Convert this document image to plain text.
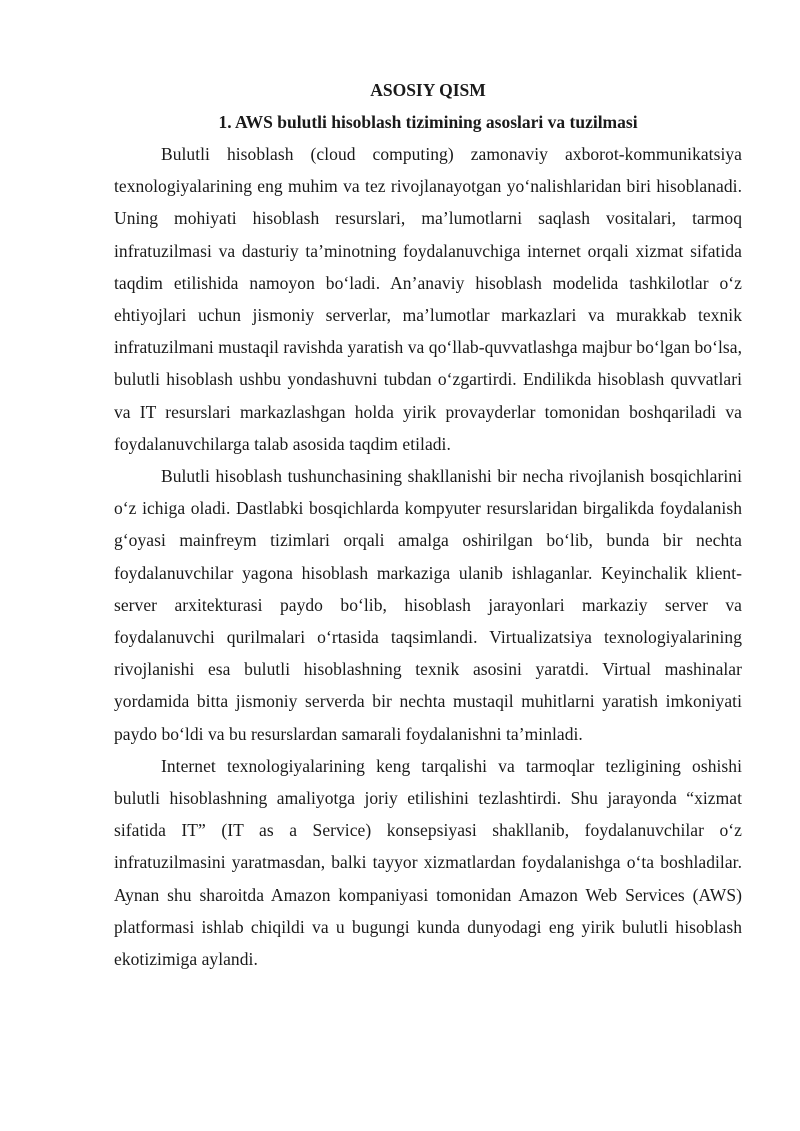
ASOSIY QISM

1. AWS bulutli hisoblash tizimining asoslari va tuzilmasi

Bulutli hisoblash (cloud computing) zamonaviy axborot-kommunikatsiya texnologiyalarining eng muhim va tez rivojlanayotgan yo‘nalishlaridan biri hisoblanadi. Uning mohiyati hisoblash resurslari, ma’lumotlarni saqlash vositalari, tarmoq infratuzilmasi va dasturiy ta’minotning foydalanuvchiga internet orqali xizmat sifatida taqdim etilishida namoyon bo‘ladi. An’anaviy hisoblash modelida tashkilotlar o‘z ehtiyojlari uchun jismoniy serverlar, ma’lumotlar markazlari va murakkab texnik infratuzilmani mustaqil ravishda yaratish va qo‘llab-quvvatlashga majbur bo‘lgan bo‘lsa, bulutli hisoblash ushbu yondashuvni tubdan o‘zgartirdi. Endilikda hisoblash quvvatlari va IT resurslari markazlashgan holda yirik provayderlar tomonidan boshqariladi va foydalanuvchilarga talab asosida taqdim etiladi.

Bulutli hisoblash tushunchasining shakllanishi bir necha rivojlanish bosqichlarini o‘z ichiga oladi. Dastlabki bosqichlarda kompyuter resurslaridan birgalikda foydalanish g‘oyasi mainfreym tizimlari orqali amalga oshirilgan bo‘lib, bunda bir nechta foydalanuvchilar yagona hisoblash markaziga ulanib ishlaganlar. Keyinchalik klient-server arxitekturasi paydo bo‘lib, hisoblash jarayonlari markaziy server va foydalanuvchi qurilmalari o‘rtasida taqsimlandi. Virtualizatsiya texnologiyalarining rivojlanishi esa bulutli hisoblashning texnik asosini yaratdi. Virtual mashinalar yordamida bitta jismoniy serverda bir nechta mustaqil muhitlarni yaratish imkoniyati paydo bo‘ldi va bu resurslardan samarali foydalanishni ta’minladi.

Internet texnologiyalarining keng tarqalishi va tarmoqlar tezligining oshishi bulutli hisoblashning amaliyotga joriy etilishini tezlashtirdi. Shu jarayonda “xizmat sifatida IT” (IT as a Service) konsepsiyasi shakllanib, foydalanuvchilar o‘z infratuzilmasini yaratmasdan, balki tayyor xizmatlardan foydalanishga o‘ta boshladilar. Aynan shu sharoitda Amazon kompaniyasi tomonidan Amazon Web Services (AWS) platformasi ishlab chiqildi va u bugungi kunda dunyodagi eng yirik bulutli hisoblash ekotizimiga aylandi.
